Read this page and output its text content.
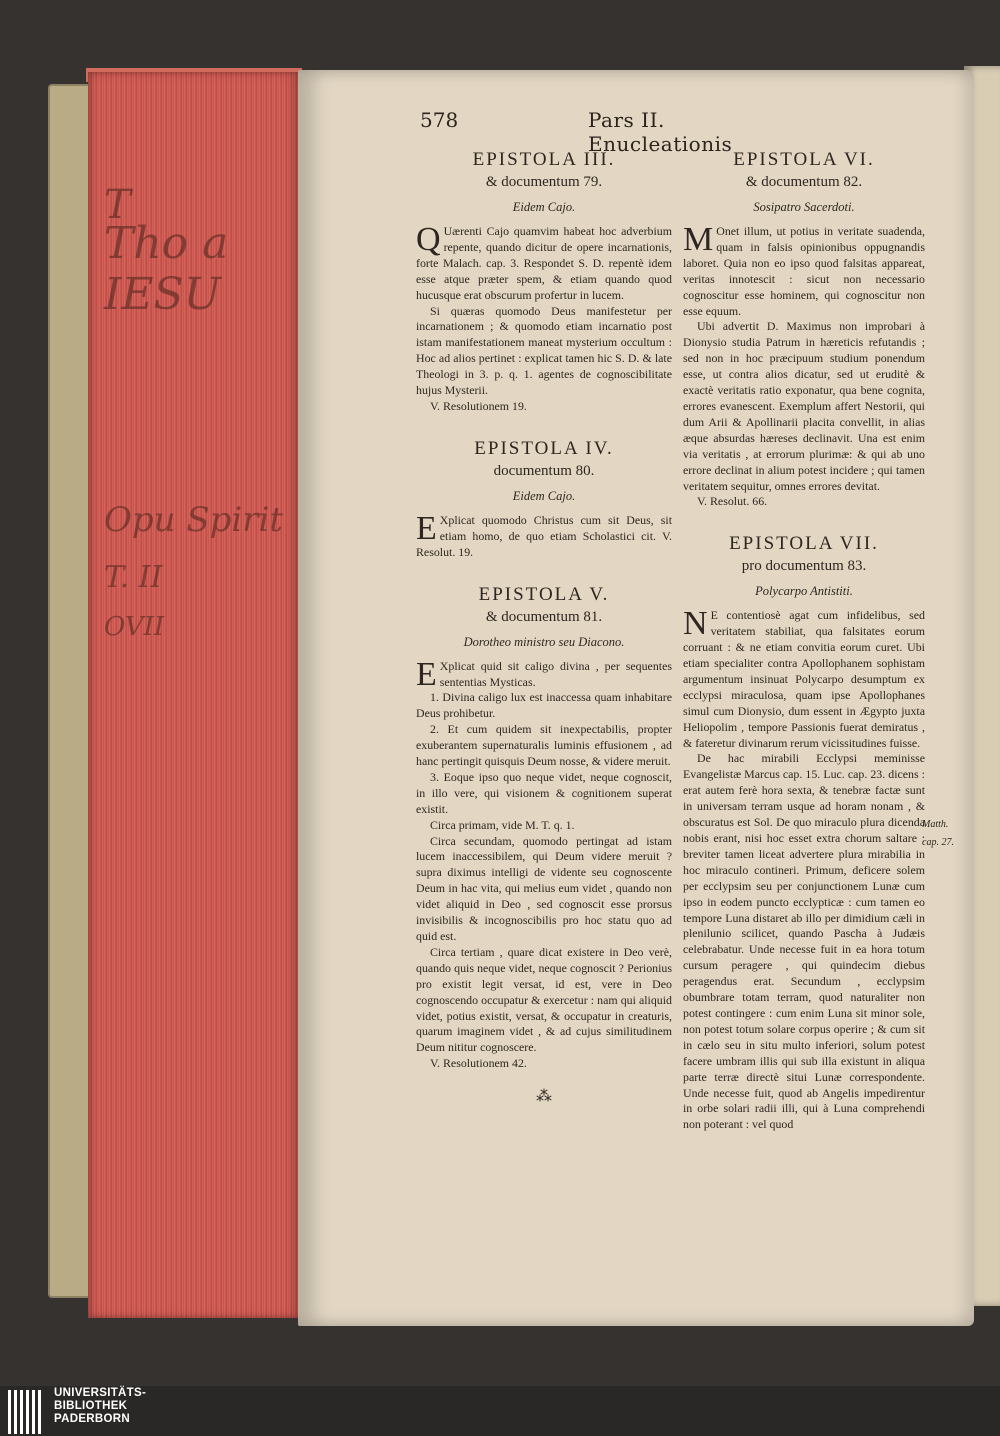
T
Tho a IESU
Opu Spirit
T. II
OVII
578	Pars II. Enucleationis

EPISTOLA III.

& documentum 79.

Eidem Cajo.

Q Uærenti Cajo quamvim habeat hoc adverbium repente, quando dicitur de opere incarnationis, forte Malach. cap. 3. Respondet S. D. repentè idem esse atque præter spem, & etiam quando quod hucusque erat obscurum profertur in lucem.

Si quæras quomodo Deus manifestetur per incarnationem ; & quomodo etiam incarnatio post istam manifestationem maneat mysterium occultum : Hoc ad alios pertinet : explicat tamen hic S. D. & late Theologi in 3. p. q. 1. agentes de cognoscibilitate hujus Mysterii.

V. Resolutionem 19.

EPISTOLA IV.

documentum 80.

Eidem Cajo.

E Xplicat quomodo Christus cum sit Deus, sit etiam homo, de quo etiam Scholastici cit. V. Resolut. 19.

EPISTOLA V.

& documentum 81.

Dorotheo ministro seu Diacono.

E Xplicat quid sit caligo divina , per sequentes sententias Mysticas.

1. Divina caligo lux est inaccessa quam inhabitare Deus prohibetur.

2. Et cum quidem sit inexpectabilis, propter exuberantem supernaturalis luminis effusionem , ad hanc pertingit quisquis Deum nosse, & videre meruit.

3. Eoque ipso quo neque videt, neque cognoscit, in illo vere, qui visionem & cognitionem superat existit.

Circa primam, vide M. T. q. 1.

Circa secundam, quomodo pertingat ad istam lucem inaccessibilem, qui Deum videre meruit ? supra diximus intelligi de vidente seu cognoscente Deum in hac vita, qui melius eum videt , quando non videt aliquid in Deo , sed cognoscit esse prorsus invisibilis & incognoscibilis pro hoc statu quo ad quid est.

Circa tertiam , quare dicat existere in Deo verè, quando quis neque videt, neque cognoscit ? Perionius pro existit legit versat, id est, vere in Deo cognoscendo occupatur & exercetur : nam qui aliquid videt, potius existit, versat, & occupatur in creaturis, quarum imaginem videt , & ad cujus similitudinem Deum nititur cognoscere.

V. Resolutionem 42.

⁂

EPISTOLA VI.

& documentum 82.

Sosipatro Sacerdoti.

M Onet illum, ut potius in veritate suadenda, quam in falsis opinionibus oppugnandis laboret. Quia non eo ipso quod falsitas appareat, veritas innotescit : sicut non necessario cognoscitur esse hominem, qui cognoscitur non esse equum.

Ubi advertit D. Maximus non improbari à Dionysio studia Patrum in hæreticis refutandis ; sed non in hoc præcipuum studium ponendum esse, ut contra alios dicatur, sed ut eruditè & exactè veritatis ratio exponatur, qua bene cognita, errores evanescent. Exemplum affert Nestorii, qui dum Arii & Apollinarii placita convellit, in alias æque absurdas hæreses declinavit. Una est enim via veritatis , at errorum plurimæ: & qui ab uno errore declinat in alium potest incidere ; qui tamen veritatem sequitur, omnes errores devitat.

V. Resolut. 66.

EPISTOLA VII.

pro documentum 83.

Polycarpo Antistiti.

N E contentiosè agat cum infidelibus, sed veritatem stabiliat, qua falsitates eorum corruant : & ne etiam convitia eorum curet. Ubi etiam specialiter contra Apollophanem sophistam argumentum insinuat Polycarpo desumptum ex ecclypsi miraculosa, quam ipse Apollophanes simul cum Dionysio, dum essent in Ægypto juxta Heliopolim , tempore Passionis fuerat demiratus , & fateretur divinarum rerum vicissitudines fuisse.

De hac mirabili Ecclypsi meminisse Evangelistæ Marcus cap. 15. Luc. cap. 23. dicens : erat autem ferè hora sexta, & tenebræ factæ sunt in universam terram usque ad horam nonam , & obscuratus est Sol. De quo miraculo plura dicenda nobis erant, nisi hoc esset extra chorum saltare : breviter tamen liceat advertere plura mirabilia in hoc miraculo contineri. Primum, deficere solem per ecclypsim seu per conjunctionem Lunæ cum ipso in eodem puncto ecclypticæ : cum tamen eo tempore Luna distaret ab illo per dimidium cæli in plenilunio scilicet, quando Pascha à Judæis celebrabatur. Unde necesse fuit in ea hora totum cursum peragere , qui quindecim diebus peragendus erat. Secundum , ecclypsim obumbrare totam terram, quod naturaliter non potest contingere : cum enim Luna sit minor sole, non potest totum solare corpus operire ; & cum sit in cælo seu in situ multo inferiori, solum potest facere umbram illis qui sub illa existunt in aliqua parte terræ directè situi Lunæ correspondente. Unde necesse fuit, quod ab Angelis impedirentur in orbe solari radii illi, qui à Luna comprehendi non poterant : vel quod

Matth. cap. 27.
UNIVERSITÄTS-
BIBLIOTHEK
PADERBORN
